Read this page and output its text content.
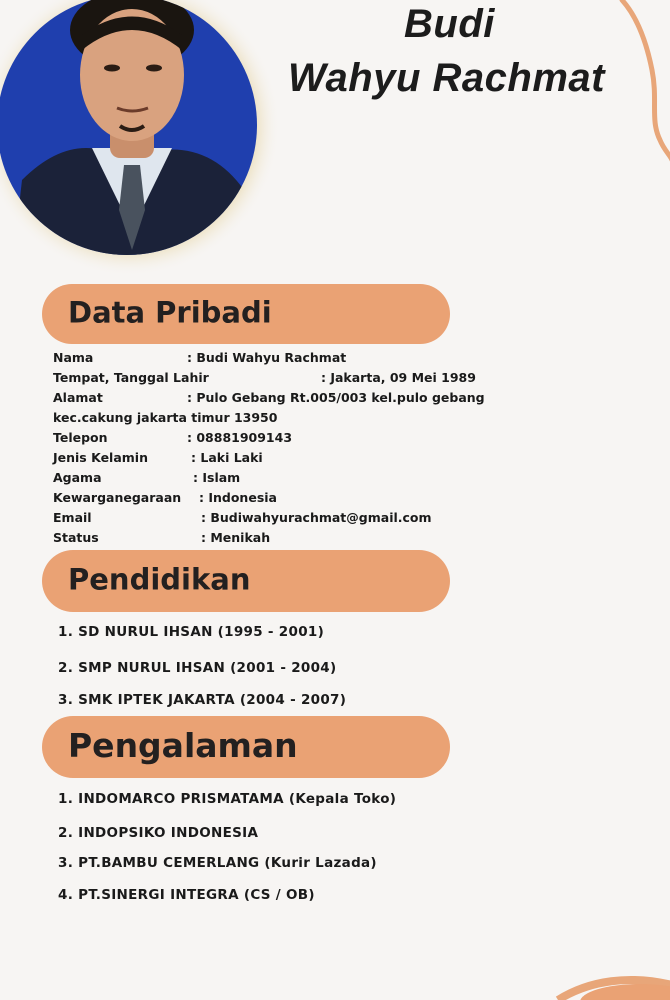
Budi
Wahyu Rachmat
Data Pribadi
Nama	: Budi Wahyu Rachmat
Tempat, Tanggal Lahir	: Jakarta, 09 Mei 1989
Alamat	: Pulo Gebang Rt.005/003 kel.pulo gebang
kec.cakung jakarta timur 13950
Telepon	: 08881909143
Jenis Kelamin	: Laki Laki
Agama	: Islam
Kewarganegaraan : Indonesia
Email	: Budiwahyurachmat@gmail.com
Status	: Menikah
Pendidikan
1. SD NURUL IHSAN (1995 - 2001)
2. SMP NURUL IHSAN (2001 - 2004)
3. SMK IPTEK JAKARTA (2004 - 2007)
Pengalaman
1. INDOMARCO PRISMATAMA (Kepala Toko)
2. INDOPSIKO INDONESIA
3. PT.BAMBU CEMERLANG (Kurir Lazada)
4. PT.SINERGI INTEGRA (CS / OB)
